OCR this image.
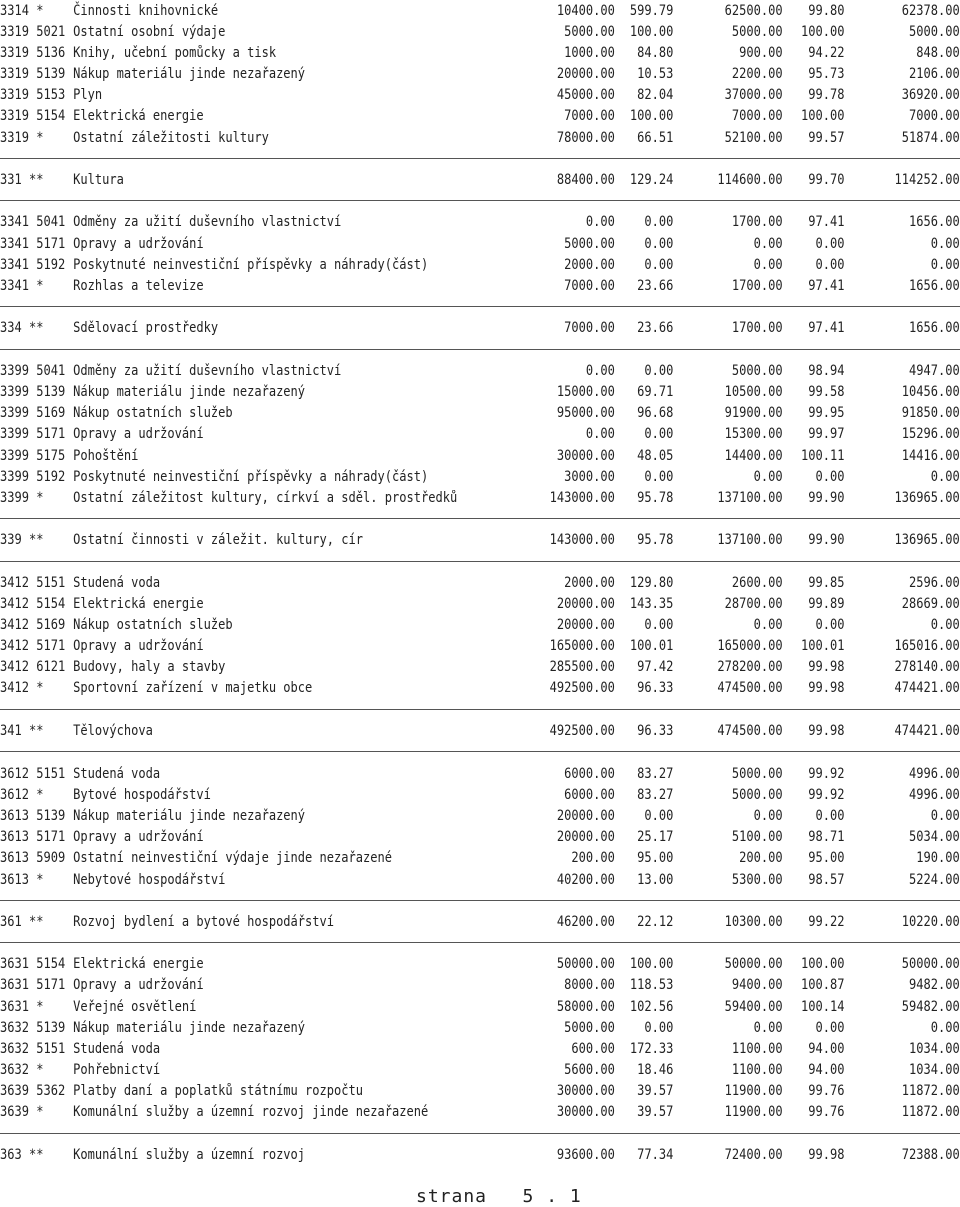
3314 * Činnosti knihovnické	10400.00	599.79	62500.00	99.80	62378.00
3319 5021 Ostatní osobní výdaje	5000.00	100.00	5000.00	100.00	5000.00
3319 5136 Knihy, učební pomůcky a tisk	1000.00	84.80	900.00	94.22	848.00
3319 5139 Nákup materiálu jinde nezařazený	20000.00	10.53	2200.00	95.73	2106.00
3319 5153 Plyn	45000.00	82.04	37000.00	99.78	36920.00
3319 5154 Elektrická energie	7000.00	100.00	7000.00	100.00	7000.00
3319 * Ostatní záležitosti kultury	78000.00	66.51	52100.00	99.57	51874.00
331 ** Kultura	88400.00	129.24	114600.00	99.70	114252.00
3341 5041 Odměny za užití duševního vlastnictví	0.00	0.00	1700.00	97.41	1656.00
3341 5171 Opravy a udržování	5000.00	0.00	0.00	0.00	0.00
3341 5192 Poskytnuté neinvestiční příspěvky a náhrady(část)	2000.00	0.00	0.00	0.00	0.00
3341 * Rozhlas a televize	7000.00	23.66	1700.00	97.41	1656.00
334 ** Sdělovací prostředky	7000.00	23.66	1700.00	97.41	1656.00
3399 5041 Odměny za užití duševního vlastnictví	0.00	0.00	5000.00	98.94	4947.00
3399 5139 Nákup materiálu jinde nezařazený	15000.00	69.71	10500.00	99.58	10456.00
3399 5169 Nákup ostatních služeb	95000.00	96.68	91900.00	99.95	91850.00
3399 5171 Opravy a udržování	0.00	0.00	15300.00	99.97	15296.00
3399 5175 Pohoštění	30000.00	48.05	14400.00	100.11	14416.00
3399 5192 Poskytnuté neinvestiční příspěvky a náhrady(část)	3000.00	0.00	0.00	0.00	0.00
3399 * Ostatní záležitost kultury, církví a sděl. prostředků	143000.00	95.78	137100.00	99.90	136965.00
339 ** Ostatní činnosti v záležit. kultury, cír	143000.00	95.78	137100.00	99.90	136965.00
3412 5151 Studená voda	2000.00	129.80	2600.00	99.85	2596.00
3412 5154 Elektrická energie	20000.00	143.35	28700.00	99.89	28669.00
3412 5169 Nákup ostatních služeb	20000.00	0.00	0.00	0.00	0.00
3412 5171 Opravy a udržování	165000.00	100.01	165000.00	100.01	165016.00
3412 6121 Budovy, haly a stavby	285500.00	97.42	278200.00	99.98	278140.00
3412 * Sportovní zařízení v majetku obce	492500.00	96.33	474500.00	99.98	474421.00
341 ** Tělovýchova	492500.00	96.33	474500.00	99.98	474421.00
3612 5151 Studená voda	6000.00	83.27	5000.00	99.92	4996.00
3612 * Bytové hospodářství	6000.00	83.27	5000.00	99.92	4996.00
3613 5139 Nákup materiálu jinde nezařazený	20000.00	0.00	0.00	0.00	0.00
3613 5171 Opravy a udržování	20000.00	25.17	5100.00	98.71	5034.00
3613 5909 Ostatní neinvestiční výdaje jinde nezařazené	200.00	95.00	200.00	95.00	190.00
3613 * Nebytové hospodářství	40200.00	13.00	5300.00	98.57	5224.00
361 ** Rozvoj bydlení a bytové hospodářství	46200.00	22.12	10300.00	99.22	10220.00
3631 5154 Elektrická energie	50000.00	100.00	50000.00	100.00	50000.00
3631 5171 Opravy a udržování	8000.00	118.53	9400.00	100.87	9482.00
3631 * Veřejné osvětlení	58000.00	102.56	59400.00	100.14	59482.00
3632 5139 Nákup materiálu jinde nezařazený	5000.00	0.00	0.00	0.00	0.00
3632 5151 Studená voda	600.00	172.33	1100.00	94.00	1034.00
3632 * Pohřebnictví	5600.00	18.46	1100.00	94.00	1034.00
3639 5362 Platby daní a poplatků státnímu rozpočtu	30000.00	39.57	11900.00	99.76	11872.00
3639 * Komunální služby a územní rozvoj jinde nezařazené	30000.00	39.57	11900.00	99.76	11872.00
363 ** Komunální služby a územní rozvoj	93600.00	77.34	72400.00	99.98	72388.00
strana   5 . 1
